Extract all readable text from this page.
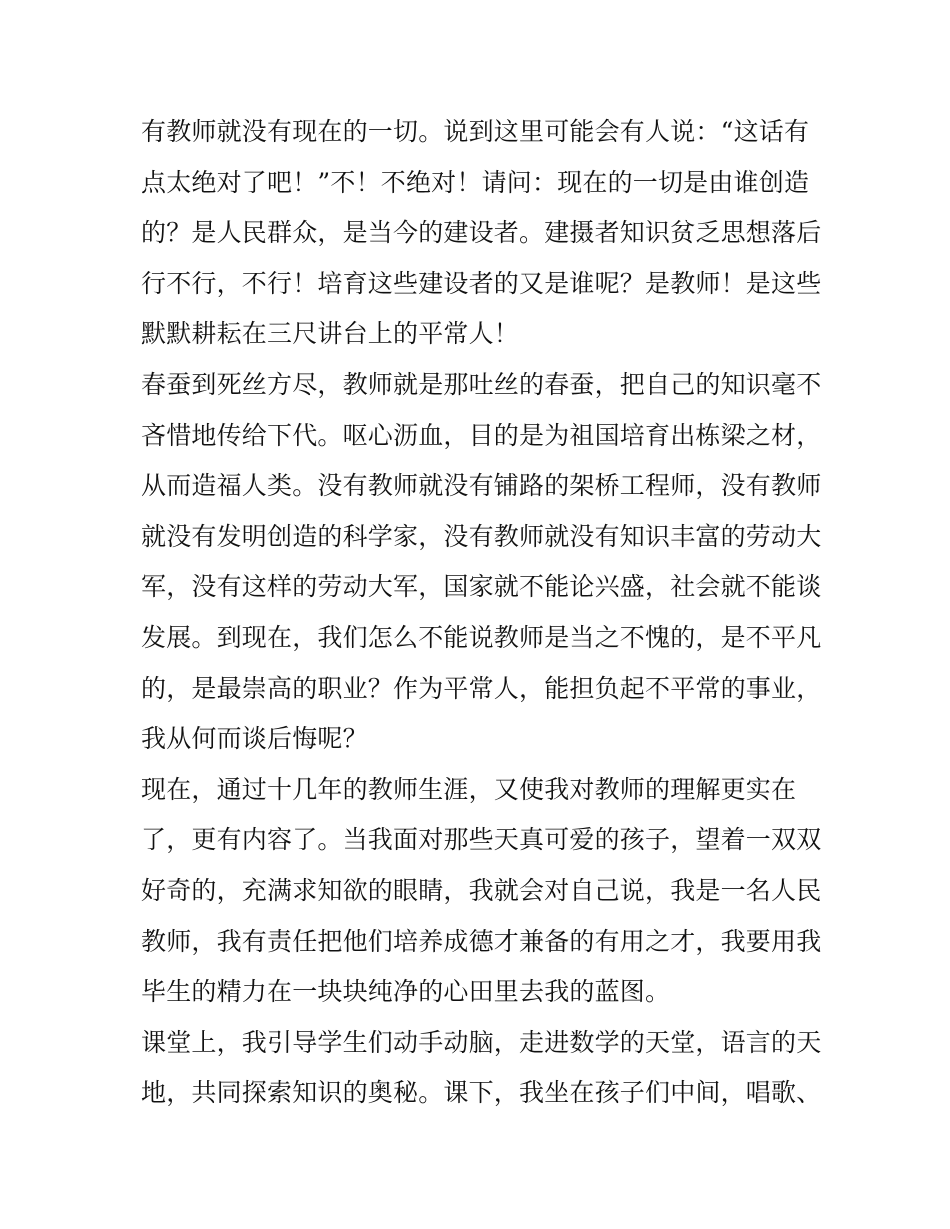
有教师就没有现在的一切。说到这里可能会有人说：“这话有
点太绝对了吧！”不！不绝对！请问：现在的一切是由谁创造
的？是人民群众，是当今的建设者。建摄者知识贫乏思想落后
行不行，不行！培育这些建设者的又是谁呢？是教师！是这些
默默耕耘在三尺讲台上的平常人！
春蚕到死丝方尽，教师就是那吐丝的春蚕，把自己的知识毫不
吝惜地传给下代。呕心沥血，目的是为祖国培育出栋梁之材，
从而造福人类。没有教师就没有铺路的架桥工程师，没有教师
就没有发明创造的科学家，没有教师就没有知识丰富的劳动大
军，没有这样的劳动大军，国家就不能论兴盛，社会就不能谈
发展。到现在，我们怎么不能说教师是当之不愧的，是不平凡
的，是最崇高的职业？作为平常人，能担负起不平常的事业，
我从何而谈后悔呢？
现在，通过十几年的教师生涯，又使我对教师的理解更实在
了，更有内容了。当我面对那些天真可爱的孩子，望着一双双
好奇的，充满求知欲的眼睛，我就会对自己说，我是一名人民
教师，我有责任把他们培养成德才兼备的有用之才，我要用我
毕生的精力在一块块纯净的心田里去我的蓝图。
课堂上，我引导学生们动手动脑，走进数学的天堂，语言的天
地，共同探索知识的奥秘。课下，我坐在孩子们中间，唱歌、
